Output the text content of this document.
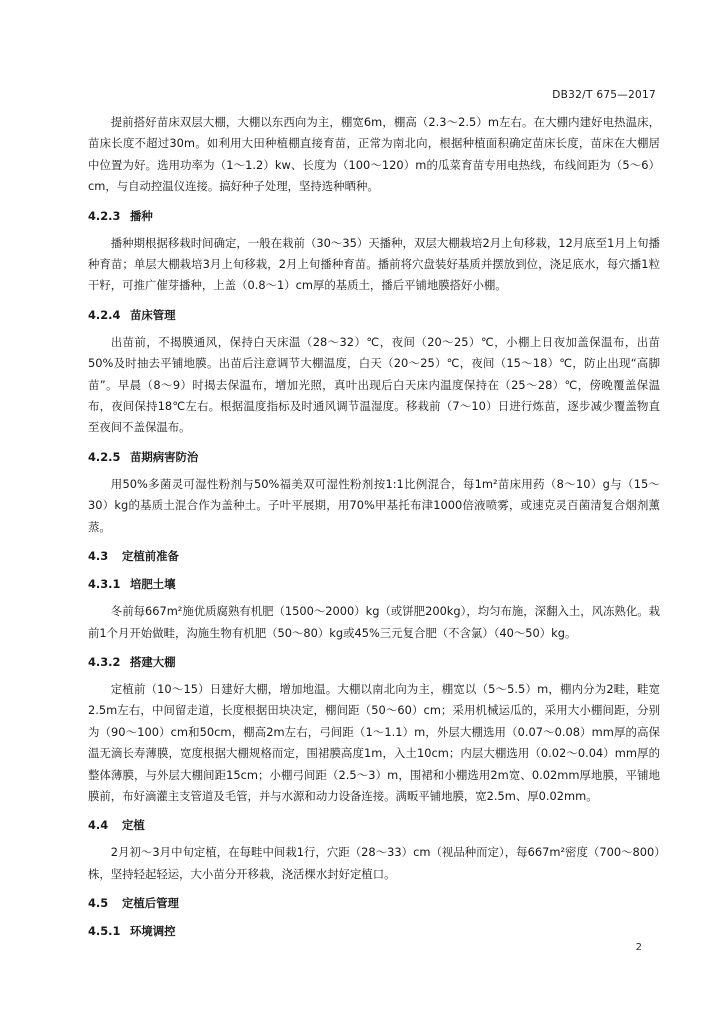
DB32/T 675—2017

提前搭好苗床双层大棚，大棚以东西向为主，棚宽6m，棚高（2.3～2.5）m左右。在大棚内建好电热温床，苗床长度不超过30m。如利用大田种植棚直接育苗，正常为南北向，根据种植面积确定苗床长度，苗床在大棚居中位置为好。选用功率为（1～1.2）kw、长度为（100～120）m的瓜菜育苗专用电热线，布线间距为（5～6）cm，与自动控温仪连接。搞好种子处理，坚持选种晒种。

4.2.3 播种

播种期根据移栽时间确定，一般在栽前（30～35）天播种，双层大棚栽培2月上旬移栽，12月底至1月上旬播种育苗；单层大棚栽培3月上旬移栽，2月上旬播种育苗。播前将穴盘装好基质并摆放到位，浇足底水，每穴播1粒干籽，可推广催芽播种，上盖（0.8～1）cm厚的基质土，播后平铺地膜搭好小棚。

4.2.4 苗床管理

出苗前，不揭膜通风，保持白天床温（28～32）℃，夜间（20～25）℃，小棚上日夜加盖保温布，出苗50%及时抽去平铺地膜。出苗后注意调节大棚温度，白天（20～25）℃，夜间（15～18）℃，防止出现“高脚苗”。早晨（8～9）时揭去保温布，增加光照，真叶出现后白天床内温度保持在（25～28）℃，傍晚覆盖保温布，夜间保持18℃左右。根据温度指标及时通风调节温湿度。移栽前（7～10）日进行炼苗，逐步减少覆盖物直至夜间不盖保温布。

4.2.5 苗期病害防治

用50%多菌灵可湿性粉剂与50%福美双可湿性粉剂按1:1比例混合，每1m²苗床用药（8～10）g与（15～30）kg的基质土混合作为盖种土。子叶平展期，用70%甲基托布津1000倍液喷雾，或速克灵百菌清复合烟剂薰蒸。

4.3 定植前准备
4.3.1 培肥土壤

冬前每667m²施优质腐熟有机肥（1500～2000）kg（或饼肥200kg），均匀布施，深翻入土，风冻熟化。栽前1个月开始做畦，沟施生物有机肥（50～80）kg或45%三元复合肥（不含氯）（40～50）kg。

4.3.2 搭建大棚

定植前（10～15）日建好大棚，增加地温。大棚以南北向为主，棚宽以（5～5.5）m，棚内分为2畦，畦宽2.5m左右，中间留走道，长度根据田块决定，棚间距（50～60）cm；采用机械运瓜的，采用大小棚间距，分别为（90～100）cm和50cm，棚高2m左右，弓间距（1～1.1）m，外层大棚选用（0.07～0.08）mm厚的高保温无滴长寿薄膜，宽度根据大棚规格而定，围裙膜高度1m，入土10cm；内层大棚选用（0.02～0.04）mm厚的整体薄膜，与外层大棚间距15cm；小棚弓间距（2.5～3）m，围裙和小棚选用2m宽、0.02mm厚地膜，平铺地膜前，布好滴灌主支管道及毛管，并与水源和动力设备连接。满畈平铺地膜，宽2.5m、厚0.02mm。

4.4 定植

2月初～3月中旬定植，在每畦中间栽1行，穴距（28～33）cm（视品种而定），每667m²密度（700～800）株，坚持轻起轻运，大小苗分开移栽，浇活棵水封好定植口。

4.5 定植后管理
4.5.1 环境调控
2
